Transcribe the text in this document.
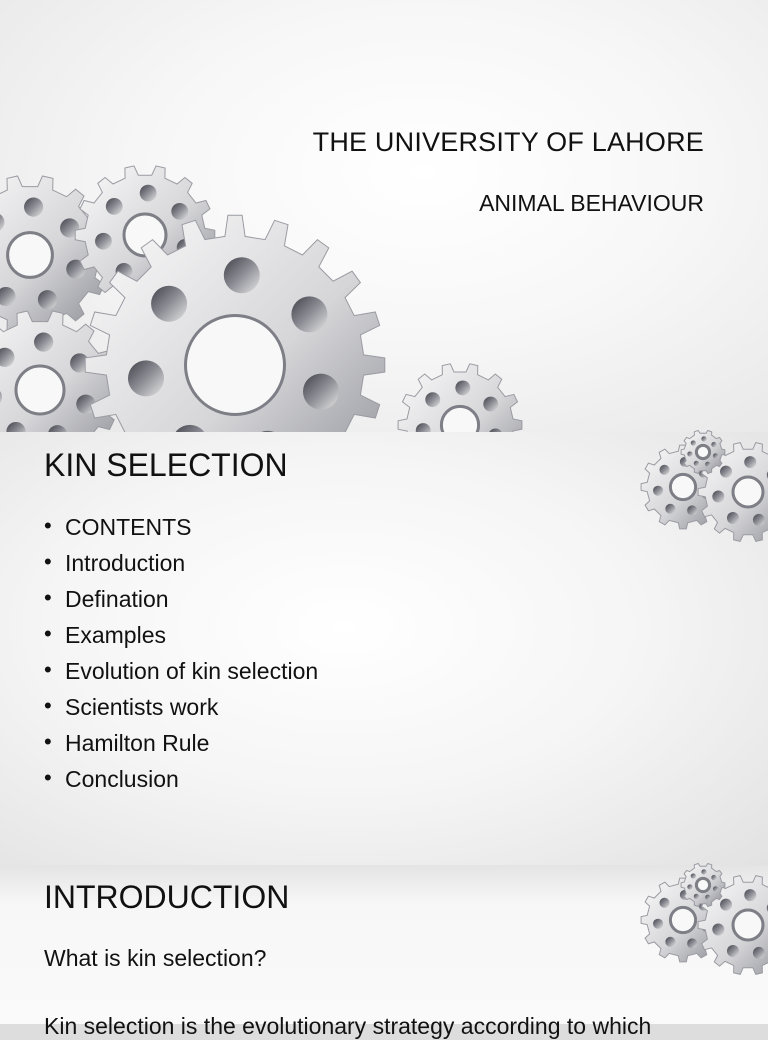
THE UNIVERSITY OF LAHORE
ANIMAL BEHAVIOUR
KIN SELECTION
• CONTENTS
• Introduction
• Defination
• Examples
• Evolution of kin selection
• Scientists work
• Hamilton Rule
• Conclusion
INTRODUCTION

What is kin selection?

Kin selection is the evolutionary strategy according to which
